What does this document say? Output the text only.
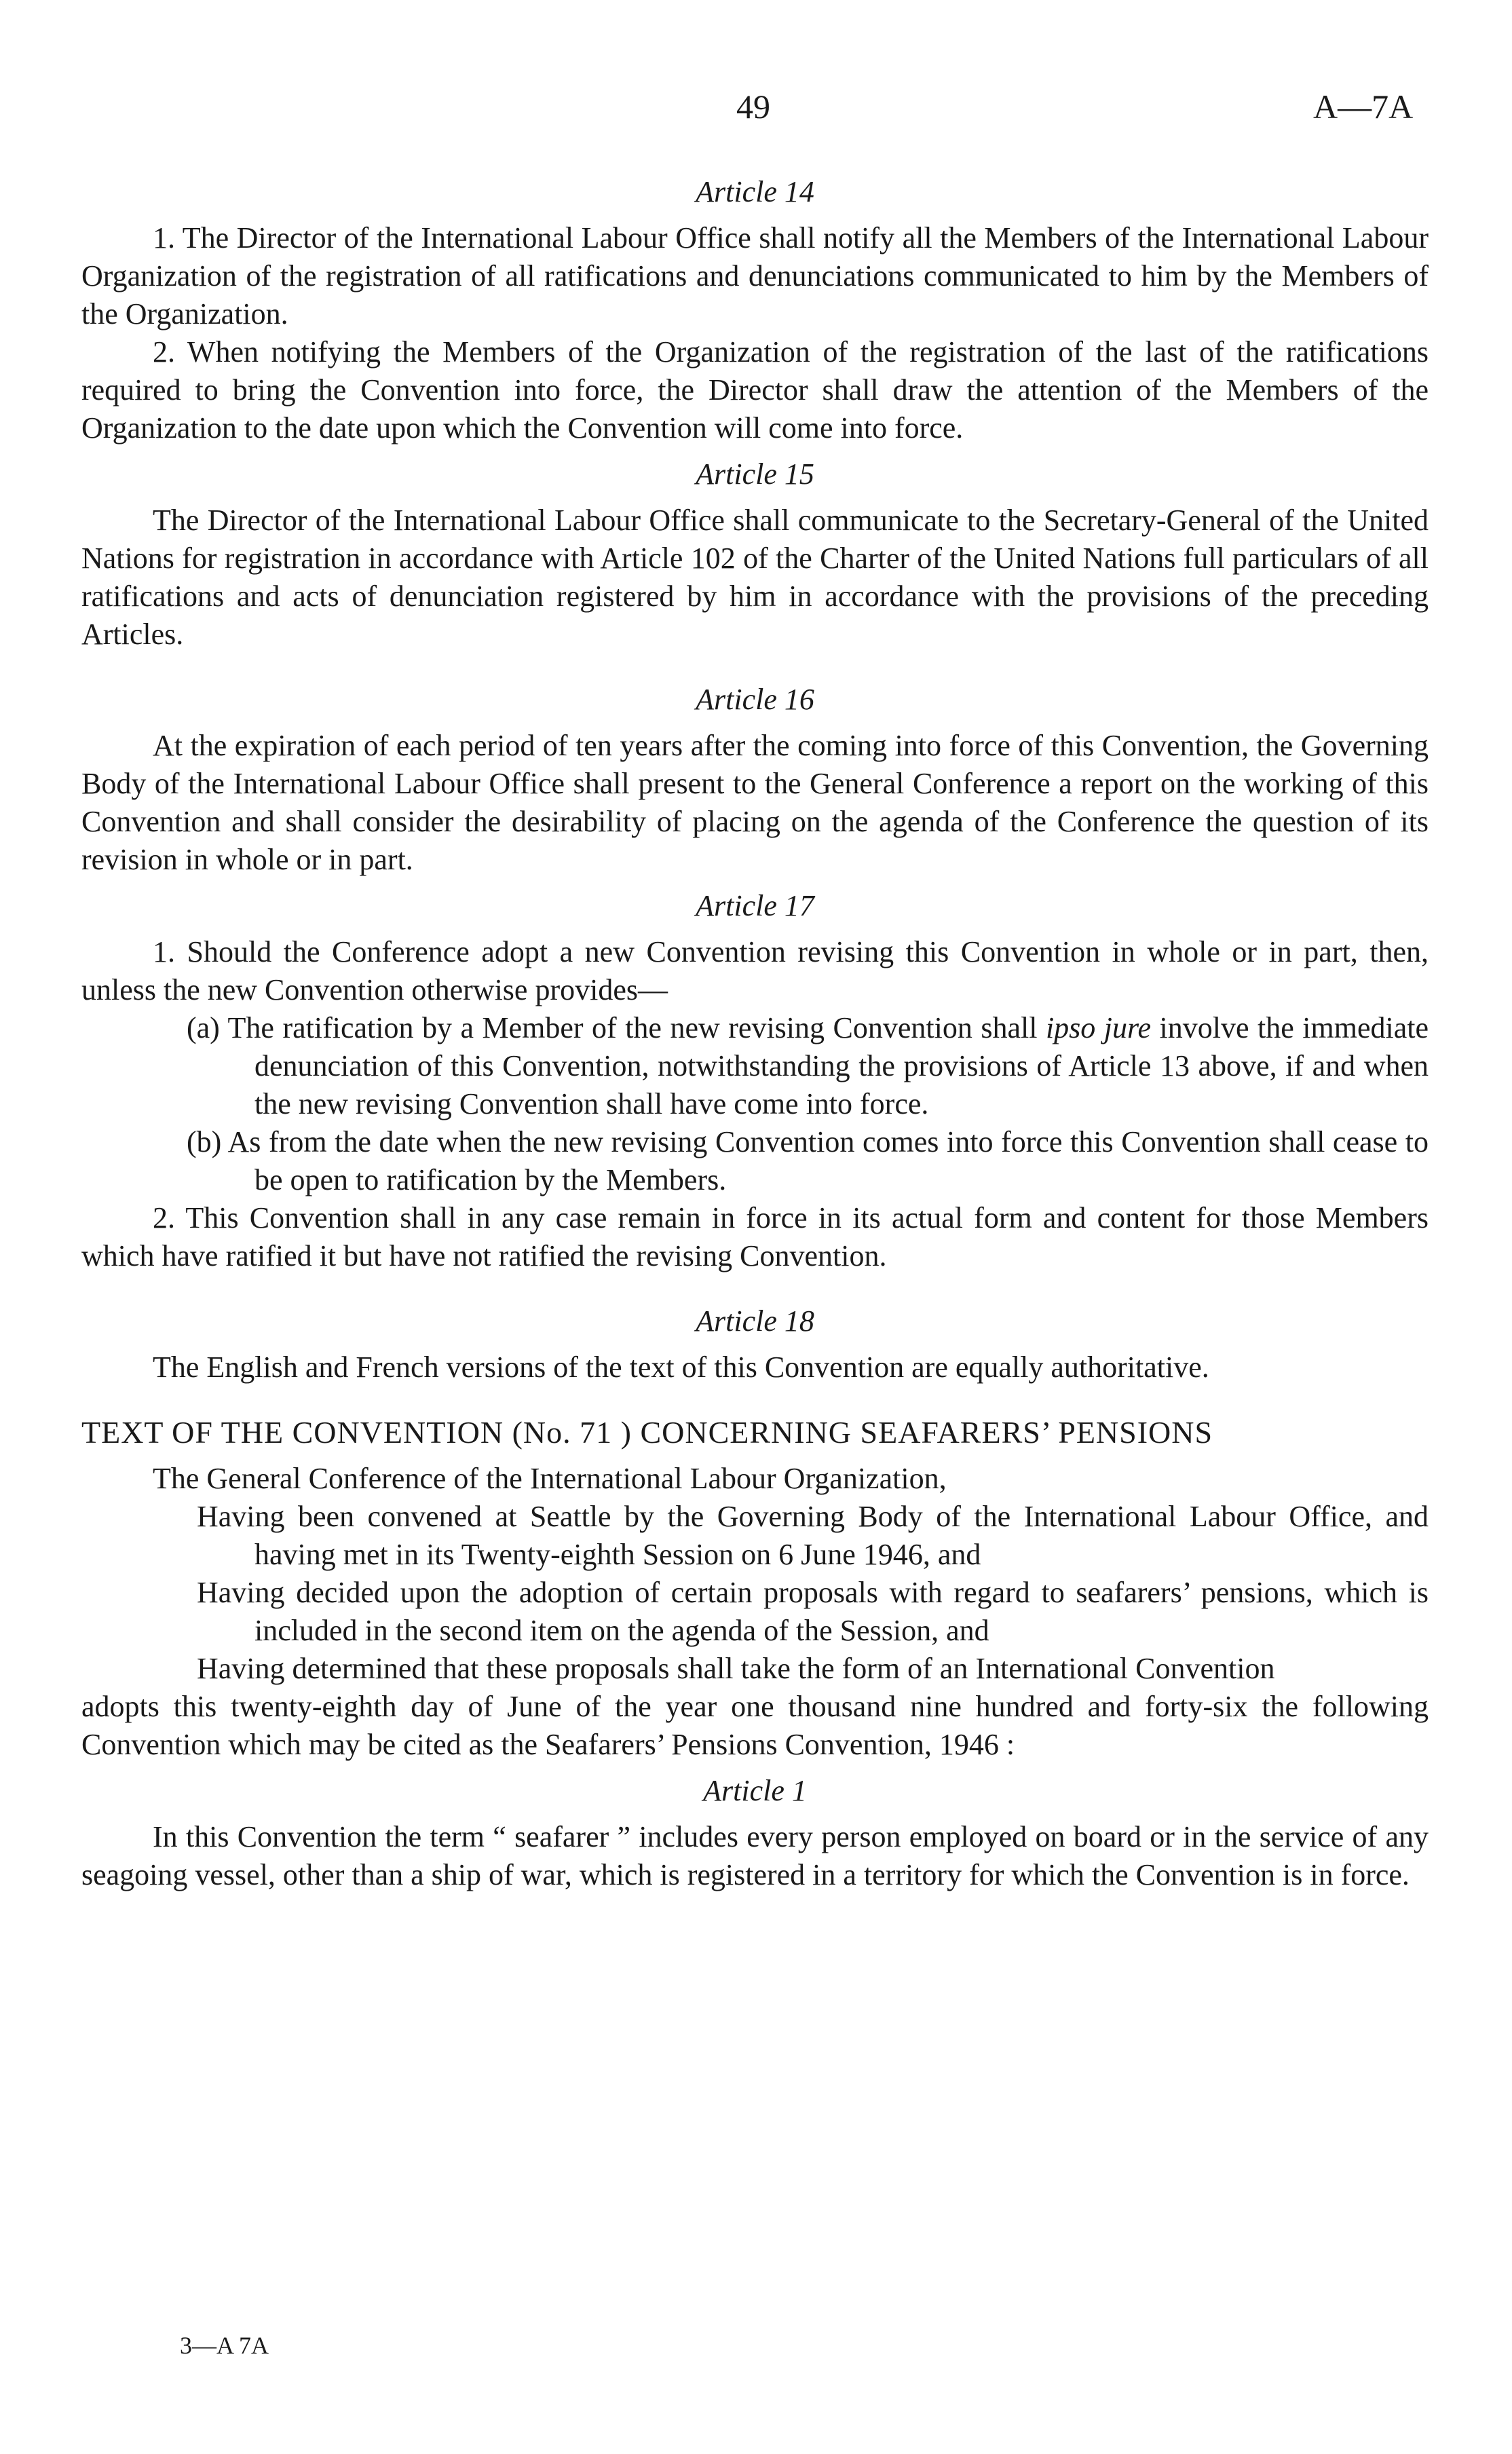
49	A—7A

Article 14

1. The Director of the International Labour Office shall notify all the Members of the International Labour Organization of the registration of all ratifications and denunciations communicated to him by the Members of the Organization.

2. When notifying the Members of the Organization of the registration of the last of the ratifications required to bring the Convention into force, the Director shall draw the attention of the Members of the Organization to the date upon which the Convention will come into force.

Article 15

The Director of the International Labour Office shall communicate to the Secretary-General of the United Nations for registration in accordance with Article 102 of the Charter of the United Nations full particulars of all ratifications and acts of denunciation registered by him in accordance with the provisions of the preceding Articles.

Article 16

At the expiration of each period of ten years after the coming into force of this Convention, the Governing Body of the International Labour Office shall present to the General Conference a report on the working of this Convention and shall consider the desirability of placing on the agenda of the Conference the question of its revision in whole or in part.

Article 17

1. Should the Conference adopt a new Convention revising this Convention in whole or in part, then, unless the new Convention otherwise provides—

(a) The ratification by a Member of the new revising Convention shall ipso jure involve the immediate denunciation of this Convention, notwithstanding the provisions of Article 13 above, if and when the new revising Convention shall have come into force.

(b) As from the date when the new revising Convention comes into force this Convention shall cease to be open to ratification by the Members.

2. This Convention shall in any case remain in force in its actual form and content for those Members which have ratified it but have not ratified the revising Convention.

Article 18

The English and French versions of the text of this Convention are equally authoritative.

TEXT OF THE CONVENTION (No. 71 ) CONCERNING SEAFARERS’ PENSIONS

The General Conference of the International Labour Organization,

Having been convened at Seattle by the Governing Body of the International Labour Office, and having met in its Twenty-eighth Session on 6 June 1946, and

Having decided upon the adoption of certain proposals with regard to seafarers’ pensions, which is included in the second item on the agenda of the Session, and

Having determined that these proposals shall take the form of an International Convention

adopts this twenty-eighth day of June of the year one thousand nine hundred and forty-six the following Convention which may be cited as the Seafarers’ Pensions Convention, 1946 :

Article 1

In this Convention the term “ seafarer ” includes every person employed on board or in the service of any seagoing vessel, other than a ship of war, which is registered in a territory for which the Convention is in force.

3—A 7A
